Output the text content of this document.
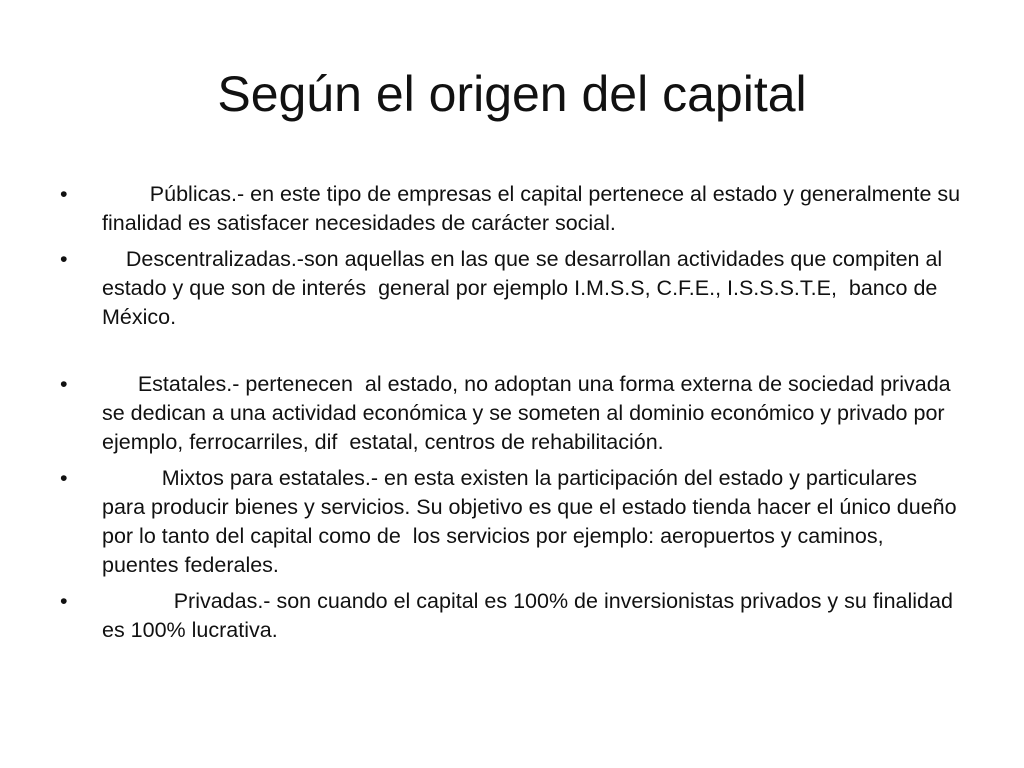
Según el origen del capital
•	Públicas.- en este tipo de empresas el capital pertenece al estado y generalmente su finalidad es satisfacer necesidades de carácter social.
•	Descentralizadas.-son aquellas en las que se desarrollan actividades que compiten al estado y que son de interés  general por ejemplo I.M.S.S, C.F.E., I.S.S.S.T.E,  banco de México.
•	Estatales.- pertenecen  al estado, no adoptan una forma externa de sociedad privada se dedican a una actividad económica y se someten al dominio económico y privado por ejemplo, ferrocarriles, dif  estatal, centros de rehabilitación.
•	Mixtos para estatales.- en esta existen la participación del estado y particulares para producir bienes y servicios. Su objetivo es que el estado tienda hacer el único dueño por lo tanto del capital como de  los servicios por ejemplo: aeropuertos y caminos, puentes federales.
•	Privadas.- son cuando el capital es 100% de inversionistas privados y su finalidad es 100% lucrativa.
